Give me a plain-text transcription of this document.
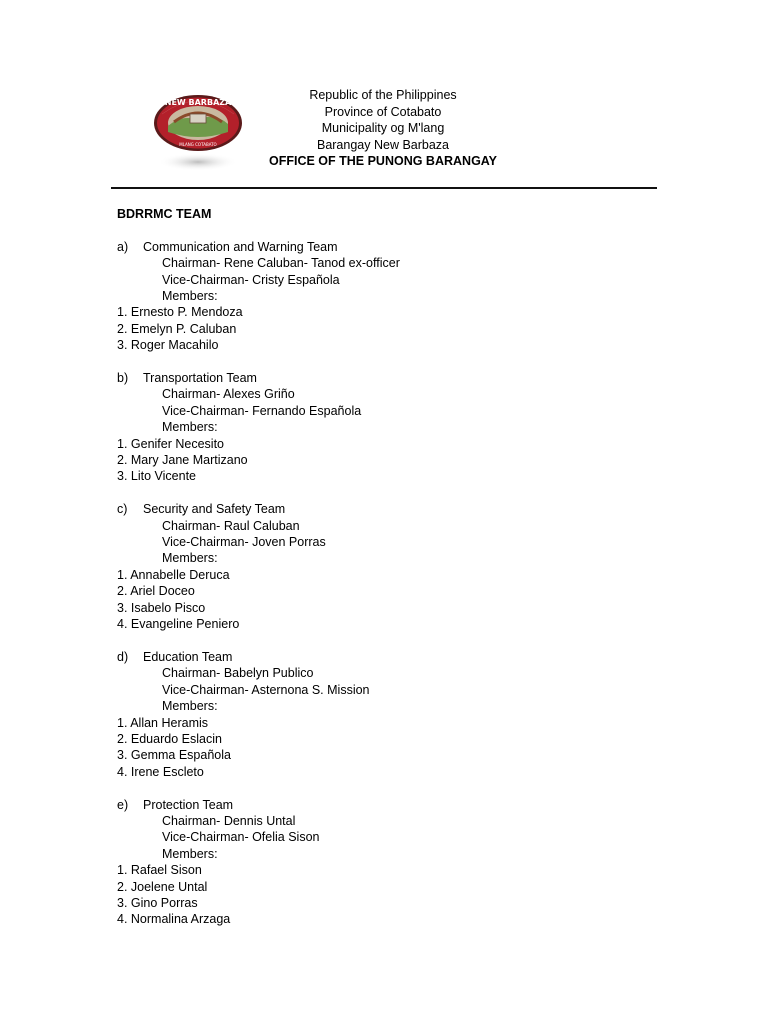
NEW BARBAZA
MLANG COTABATO
Republic of the Philippines
Province of Cotabato
Municipality og M'lang
Barangay New Barbaza
OFFICE OF THE PUNONG BARANGAY
BDRRMC TEAM
a) Communication and Warning Team
Chairman- Rene Caluban- Tanod ex-officer
Vice-Chairman- Cristy Española
Members:
1. Ernesto P. Mendoza
2. Emelyn P. Caluban
3. Roger Macahilo
b) Transportation Team
Chairman- Alexes Griño
Vice-Chairman- Fernando Española
Members:
1. Genifer Necesito
2. Mary Jane Martizano
3. Lito Vicente
c) Security and Safety Team
Chairman- Raul Caluban
Vice-Chairman- Joven Porras
Members:
1. Annabelle Deruca
2. Ariel Doceo
3. Isabelo Pisco
4. Evangeline Peniero
d) Education Team
Chairman- Babelyn Publico
Vice-Chairman- Asternona S. Mission
Members:
1. Allan Heramis
2. Eduardo Eslacin
3. Gemma Española
4. Irene Escleto
e) Protection Team
Chairman- Dennis Untal
Vice-Chairman- Ofelia Sison
Members:
1. Rafael Sison
2. Joelene Untal
3. Gino Porras
4. Normalina Arzaga
